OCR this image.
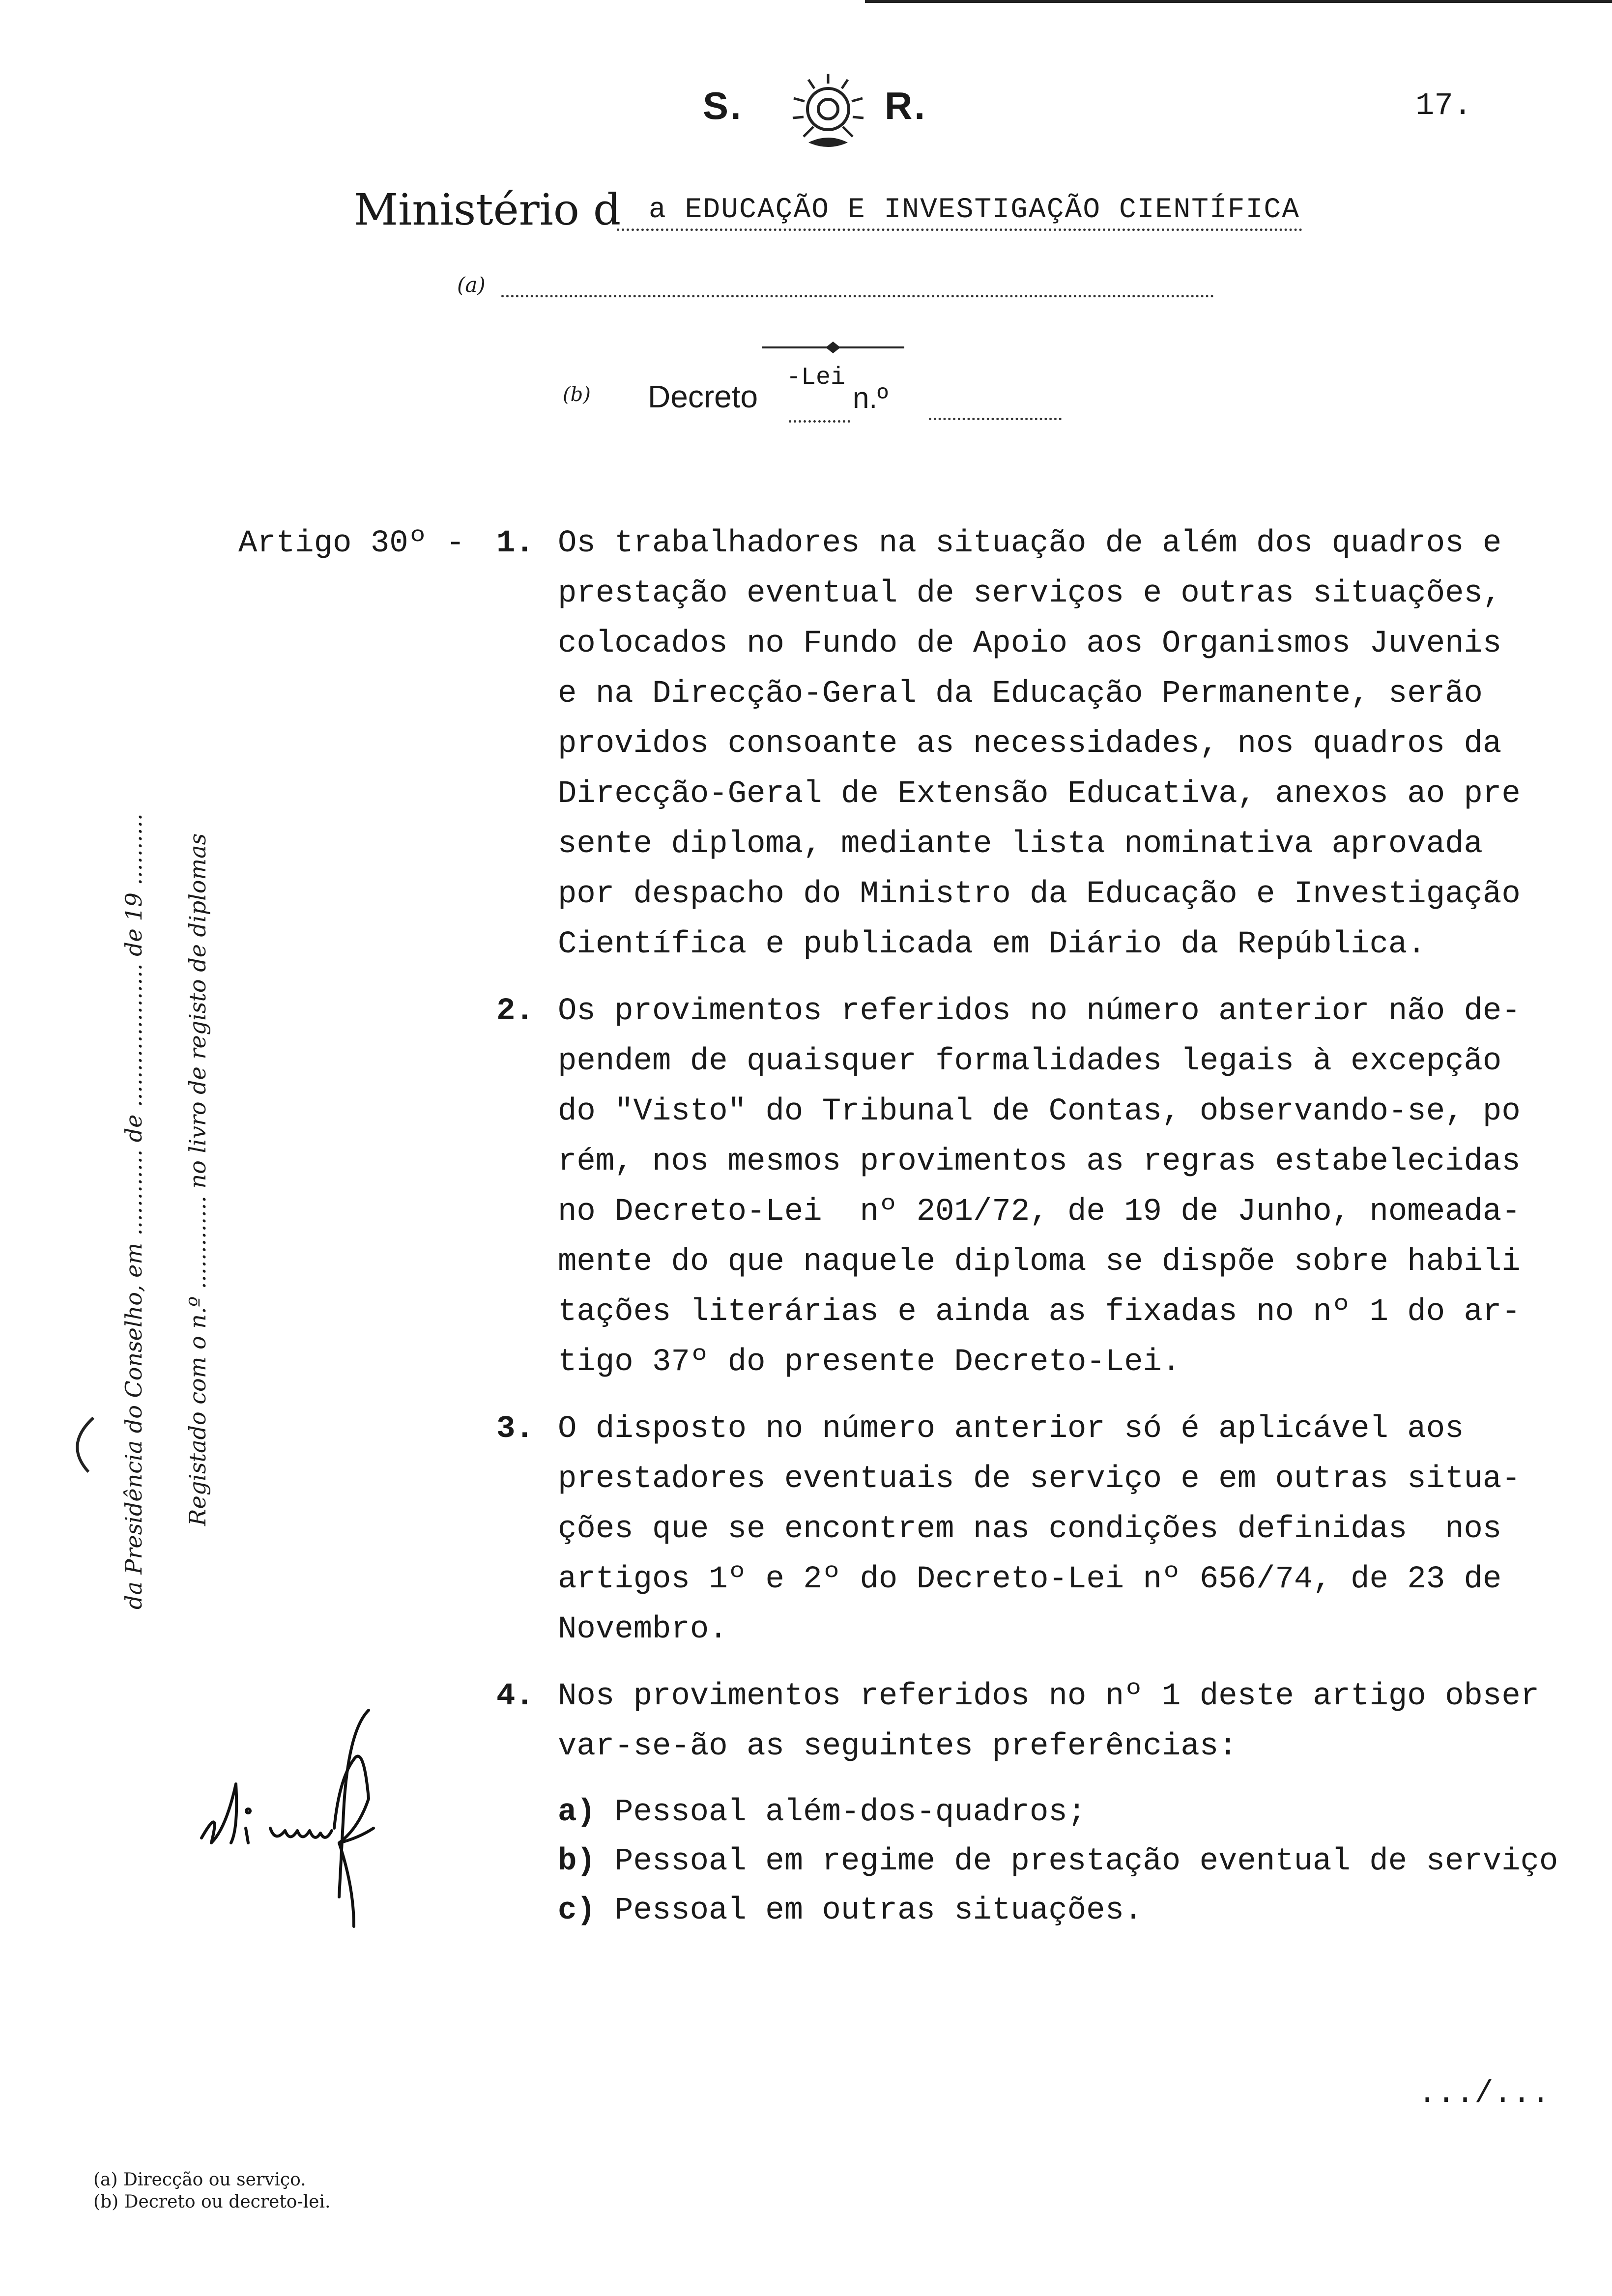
17.
S.	R.
Ministério d a EDUCAÇÃO E INVESTIGAÇÃO CIENTÍFICA
(a)
(b) Decreto
-Lei
n.º
Registado com o n.º ............. no livro de registo de diplomas
da Presidência do Conselho, em ............ de .................... de 19 ..........
Artigo 30º - 1. Os trabalhadores na situação de além dos quadros e
prestação eventual de serviços e outras situações,
colocados no Fundo de Apoio aos Organismos Juvenis
e na Direcção-Geral da Educação Permanente, serão
providos consoante as necessidades, nos quadros da
Direcção-Geral de Extensão Educativa, anexos ao pre
sente diploma, mediante lista nominativa aprovada
por despacho do Ministro da Educação e Investigação
Científica e publicada em Diário da República.
2. Os provimentos referidos no número anterior não de-
pendem de quaisquer formalidades legais à excepção
do "Visto" do Tribunal de Contas, observando-se, po
rém, nos mesmos provimentos as regras estabelecidas
no Decreto-Lei  nº 201/72, de 19 de Junho, nomeada-
mente do que naquele diploma se dispõe sobre habili
tações literárias e ainda as fixadas no nº 1 do ar-
tigo 37º do presente Decreto-Lei.
3. O disposto no número anterior só é aplicável aos
prestadores eventuais de serviço e em outras situa-
ções que se encontrem nas condições definidas  nos
artigos 1º e 2º do Decreto-Lei nº 656/74, de 23 de
Novembro.
4. Nos provimentos referidos no nº 1 deste artigo obser
var-se-ão as seguintes preferências:
a) Pessoal além-dos-quadros;
b) Pessoal em regime de prestação eventual de serviço
c) Pessoal em outras situações.
.../...
(a) Direcção ou serviço.
(b) Decreto ou decreto-lei.
